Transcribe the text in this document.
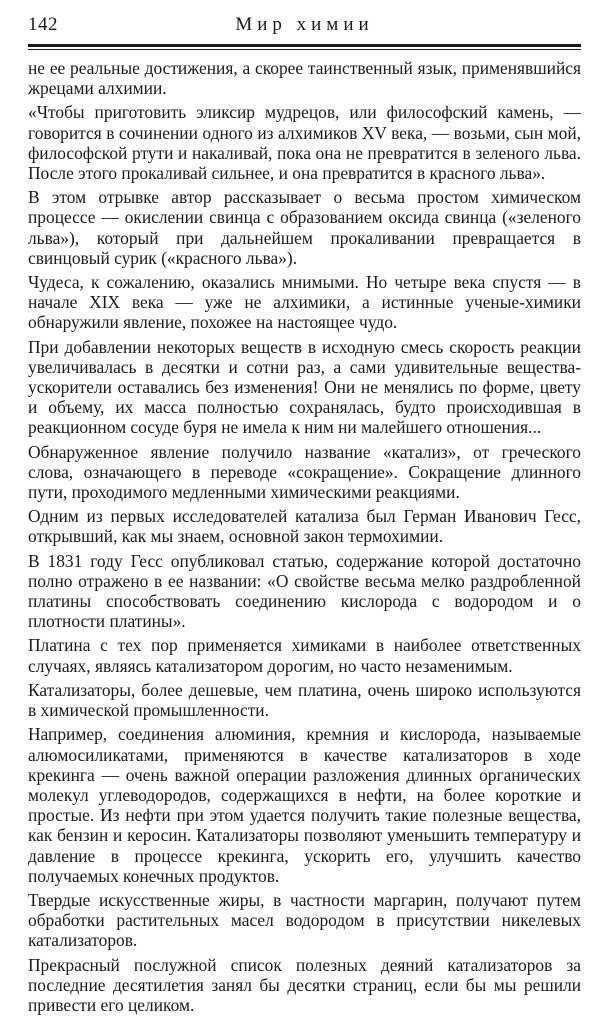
142	Мир химии

не ее реальные достижения, а скорее таинственный язык, применявшийся жрецами алхимии.

«Чтобы приготовить эликсир мудрецов, или философский камень, — говорится в сочинении одного из алхимиков XV века, — возьми, сын мой, философской ртути и накаливай, пока она не превратится в зеленого льва. После этого прокаливай сильнее, и она превратится в красного льва».

В этом отрывке автор рассказывает о весьма простом химическом процессе — окислении свинца с образованием оксида свинца («зеленого льва»), который при дальнейшем прокаливании превращается в свинцовый сурик («красного льва»).

Чудеса, к сожалению, оказались мнимыми. Но четыре века спустя — в начале XIX века — уже не алхимики, а истинные ученые-химики обнаружили явление, похожее на настоящее чудо.

При добавлении некоторых веществ в исходную смесь скорость реакции увеличивалась в десятки и сотни раз, а сами удивительные вещества-ускорители оставались без изменения! Они не менялись по форме, цвету и объему, их масса полностью сохранялась, будто происходившая в реакционном сосуде буря не имела к ним ни малейшего отношения...

Обнаруженное явление получило название «катализ», от греческого слова, означающего в переводе «сокращение». Сокращение длинного пути, проходимого медленными химическими реакциями.

Одним из первых исследователей катализа был Герман Иванович Гесс, открывший, как мы знаем, основной закон термохимии.

В 1831 году Гесс опубликовал статью, содержание которой достаточно полно отражено в ее названии: «О свойстве весьма мелко раздробленной платины способствовать соединению кислорода с водородом и о плотности платины».

Платина с тех пор применяется химиками в наиболее ответственных случаях, являясь катализатором дорогим, но часто незаменимым.

Катализаторы, более дешевые, чем платина, очень широко используются в химической промышленности.

Например, соединения алюминия, кремния и кислорода, называемые алюмосиликатами, применяются в качестве катализаторов в ходе крекинга — очень важной операции разложения длинных органических молекул углеводородов, содержащихся в нефти, на более короткие и простые. Из нефти при этом удается получить такие полезные вещества, как бензин и керосин. Катализаторы позволяют уменьшить температуру и давление в процессе крекинга, ускорить его, улучшить качество получаемых конечных продуктов.

Твердые искусственные жиры, в частности маргарин, получают путем обработки растительных масел водородом в присутствии никелевых катализаторов.

Прекрасный послужной список полезных деяний катализаторов за последние десятилетия занял бы десятки страниц, если бы мы решили привести его целиком.
